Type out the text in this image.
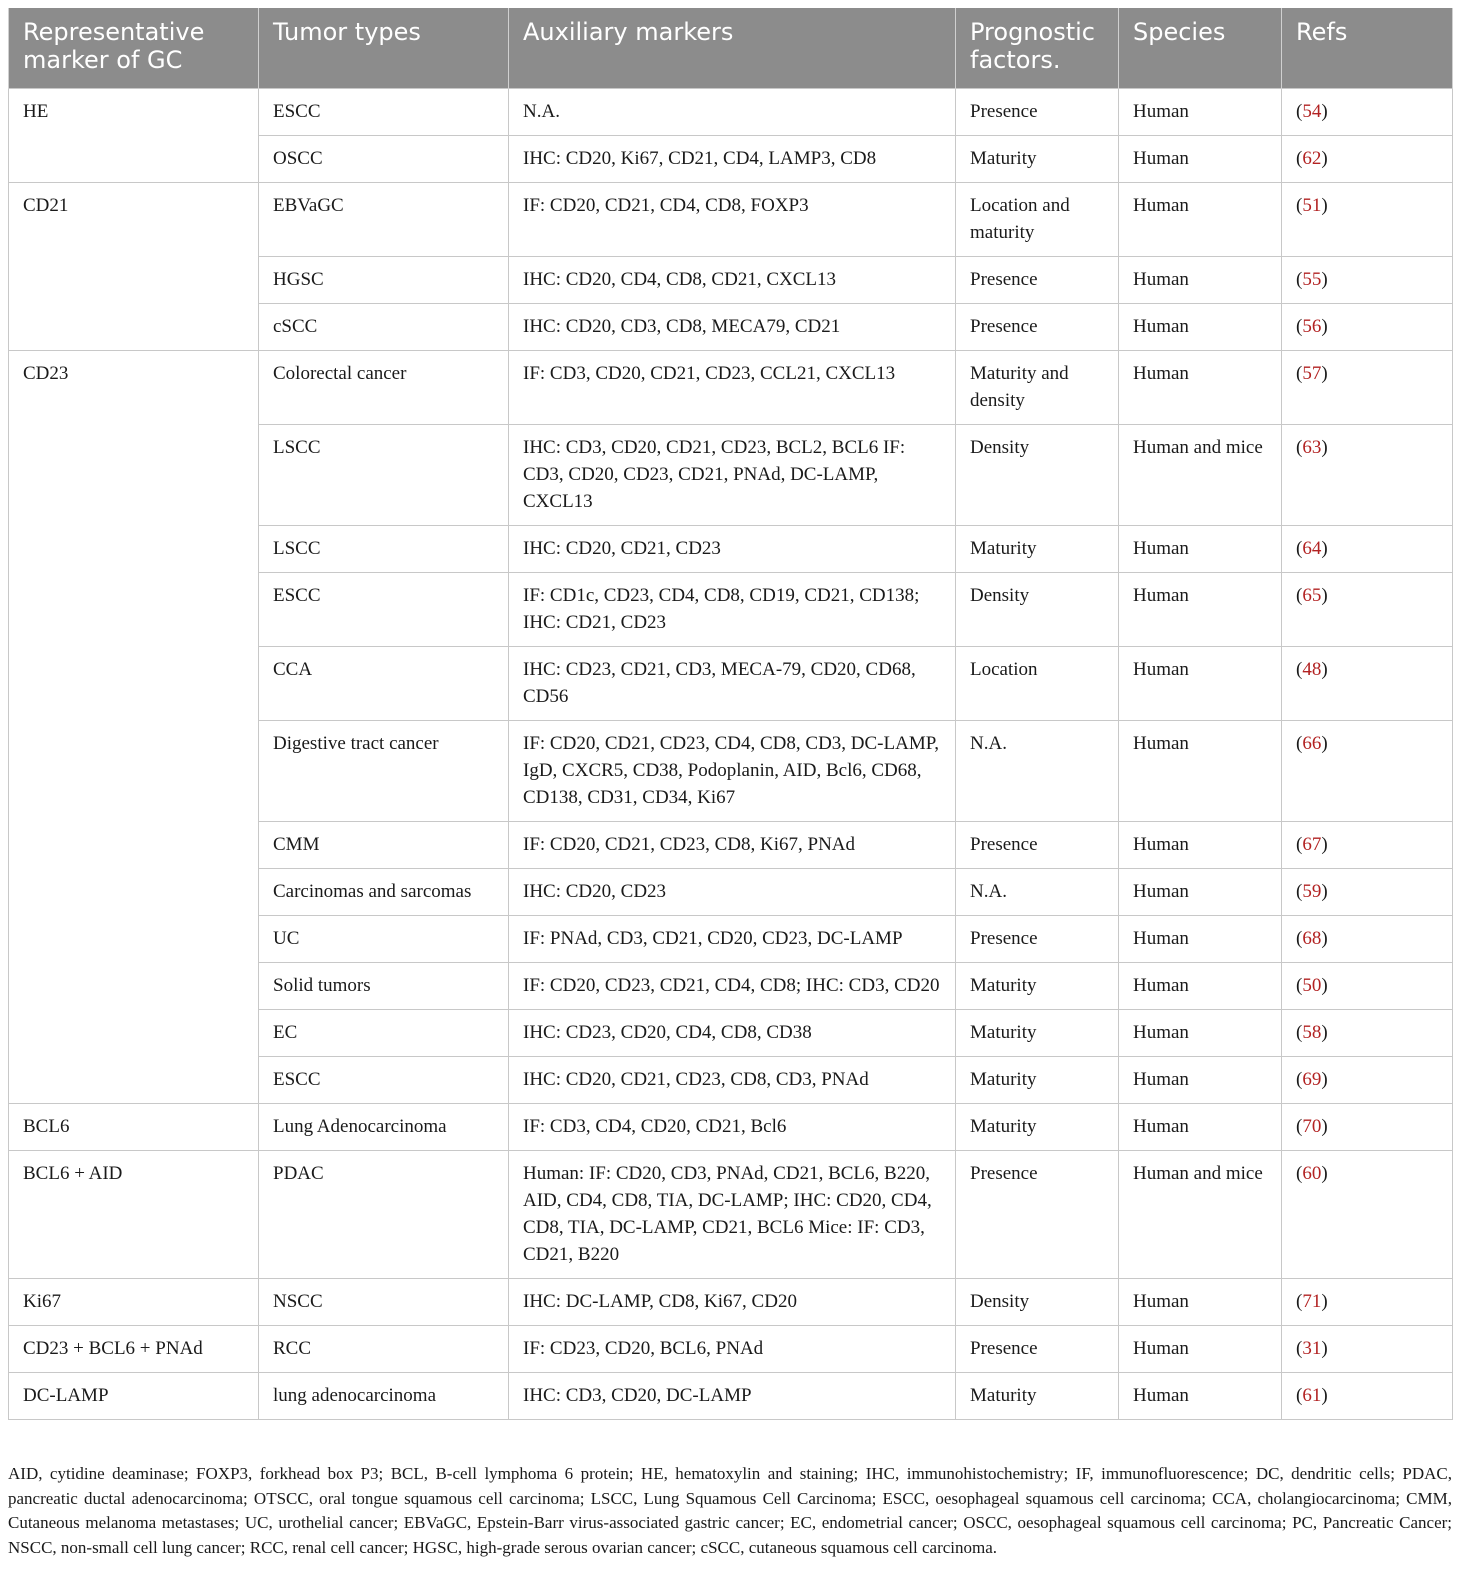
Representative marker of GC	Tumor types	Auxiliary markers	Prognostic factors.	Species	Refs
HE	ESCC	N.A.	Presence	Human	(54)
	OSCC	IHC: CD20, Ki67, CD21, CD4, LAMP3, CD8	Maturity	Human	(62)
CD21	EBVaGC	IF: CD20, CD21, CD4, CD8, FOXP3	Location and maturity	Human	(51)
	HGSC	IHC: CD20, CD4, CD8, CD21, CXCL13	Presence	Human	(55)
	cSCC	IHC: CD20, CD3, CD8, MECA79, CD21	Presence	Human	(56)
CD23	Colorectal cancer	IF: CD3, CD20, CD21, CD23, CCL21, CXCL13	Maturity and density	Human	(57)
	LSCC	IHC: CD3, CD20, CD21, CD23, BCL2, BCL6 IF: CD3, CD20, CD23, CD21, PNAd, DC-LAMP, CXCL13	Density	Human and mice	(63)
	LSCC	IHC: CD20, CD21, CD23	Maturity	Human	(64)
	ESCC	IF: CD1c, CD23, CD4, CD8, CD19, CD21, CD138; IHC: CD21, CD23	Density	Human	(65)
	CCA	IHC: CD23, CD21, CD3, MECA-79, CD20, CD68, CD56	Location	Human	(48)
	Digestive tract cancer	IF: CD20, CD21, CD23, CD4, CD8, CD3, DC-LAMP, IgD, CXCR5, CD38, Podoplanin, AID, Bcl6, CD68, CD138, CD31, CD34, Ki67	N.A.	Human	(66)
	CMM	IF: CD20, CD21, CD23, CD8, Ki67, PNAd	Presence	Human	(67)
	Carcinomas and sarcomas	IHC: CD20, CD23	N.A.	Human	(59)
	UC	IF: PNAd, CD3, CD21, CD20, CD23, DC-LAMP	Presence	Human	(68)
	Solid tumors	IF: CD20, CD23, CD21, CD4, CD8; IHC: CD3, CD20	Maturity	Human	(50)
	EC	IHC: CD23, CD20, CD4, CD8, CD38	Maturity	Human	(58)
	ESCC	IHC: CD20, CD21, CD23, CD8, CD3, PNAd	Maturity	Human	(69)
BCL6	Lung Adenocarcinoma	IF: CD3, CD4, CD20, CD21, Bcl6	Maturity	Human	(70)
BCL6 + AID	PDAC	Human: IF: CD20, CD3, PNAd, CD21, BCL6, B220, AID, CD4, CD8, TIA, DC-LAMP; IHC: CD20, CD4, CD8, TIA, DC-LAMP, CD21, BCL6 Mice: IF: CD3, CD21, B220	Presence	Human and mice	(60)
Ki67	NSCC	IHC: DC-LAMP, CD8, Ki67, CD20	Density	Human	(71)
CD23 + BCL6 + PNAd	RCC	IF: CD23, CD20, BCL6, PNAd	Presence	Human	(31)
DC-LAMP	lung adenocarcinoma	IHC: CD3, CD20, DC-LAMP	Maturity	Human	(61)
AID, cytidine deaminase; FOXP3, forkhead box P3; BCL, B-cell lymphoma 6 protein; HE, hematoxylin and staining; IHC, immunohistochemistry; IF, immunofluorescence; DC, dendritic cells; PDAC, pancreatic ductal adenocarcinoma; OTSCC, oral tongue squamous cell carcinoma; LSCC, Lung Squamous Cell Carcinoma; ESCC, oesophageal squamous cell carcinoma; CCA, cholangiocarcinoma; CMM, Cutaneous melanoma metastases; UC, urothelial cancer; EBVaGC, Epstein-Barr virus-associated gastric cancer; EC, endometrial cancer; OSCC, oesophageal squamous cell carcinoma; PC, Pancreatic Cancer; NSCC, non-small cell lung cancer; RCC, renal cell cancer; HGSC, high-grade serous ovarian cancer; cSCC, cutaneous squamous cell carcinoma.
